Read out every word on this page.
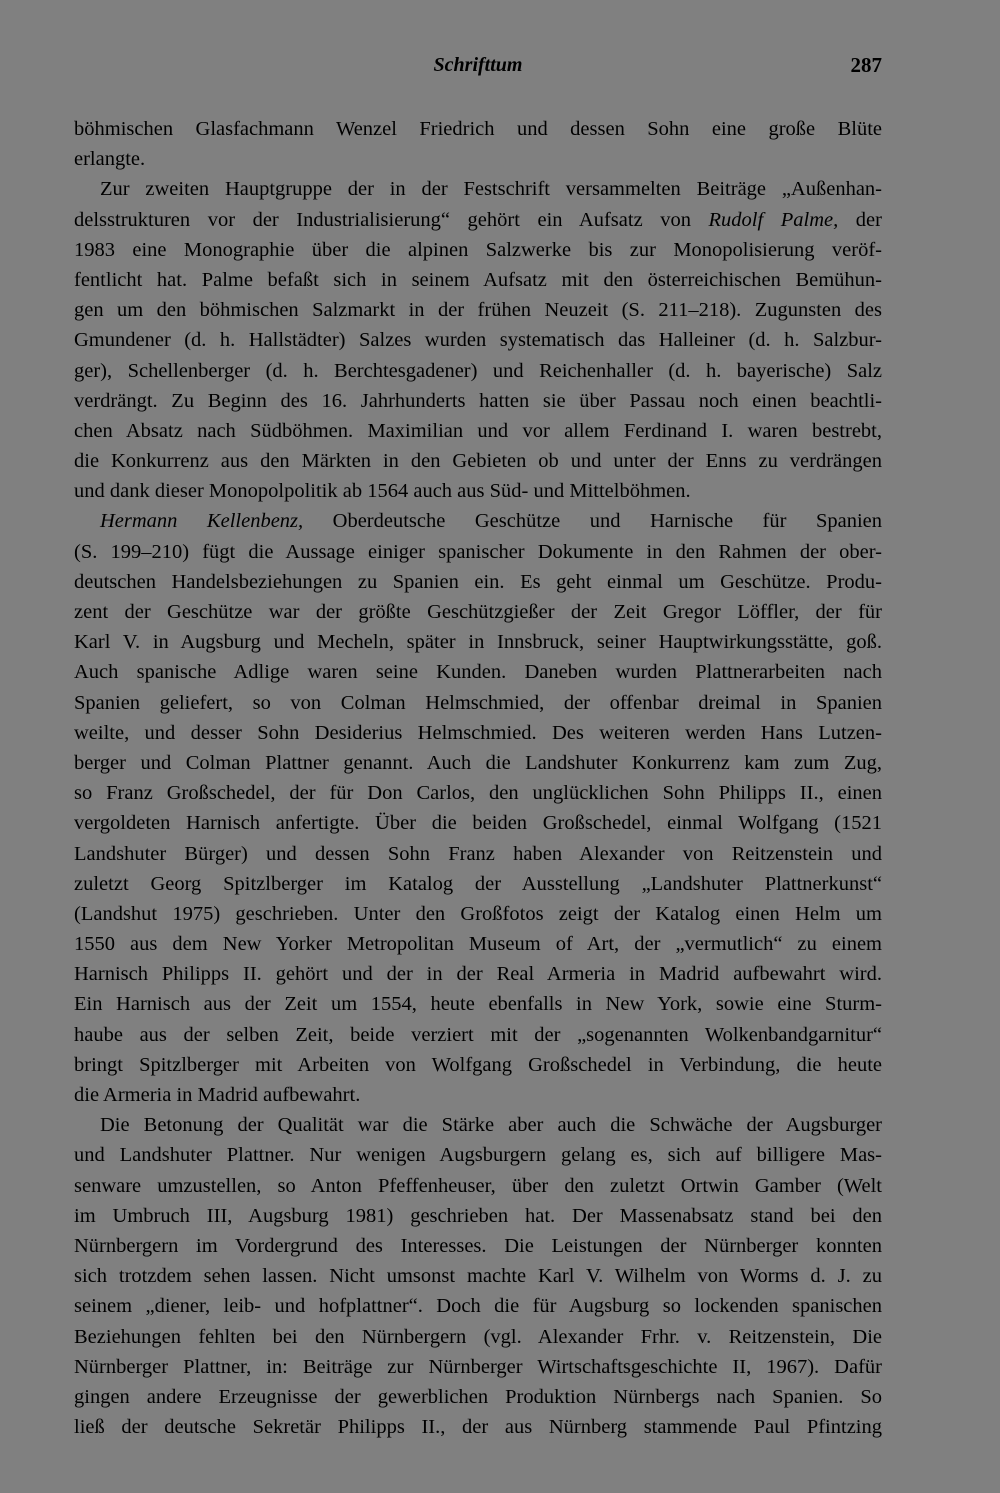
Schrifttum	287
böhmischen Glasfachmann Wenzel Friedrich und dessen Sohn eine große Blüte
erlangte.
Zur zweiten Hauptgruppe der in der Festschrift versammelten Beiträge „Außenhan-
delsstrukturen vor der Industrialisierung“ gehört ein Aufsatz von Rudolf Palme, der
1983 eine Monographie über die alpinen Salzwerke bis zur Monopolisierung veröf-
fentlicht hat. Palme befaßt sich in seinem Aufsatz mit den österreichischen Bemühun-
gen um den böhmischen Salzmarkt in der frühen Neuzeit (S. 211–218). Zugunsten des
Gmundener (d. h. Hallstädter) Salzes wurden systematisch das Halleiner (d. h. Salzbur-
ger), Schellenberger (d. h. Berchtesgadener) und Reichenhaller (d. h. bayerische) Salz
verdrängt. Zu Beginn des 16. Jahrhunderts hatten sie über Passau noch einen beachtli-
chen Absatz nach Südböhmen. Maximilian und vor allem Ferdinand I. waren bestrebt,
die Konkurrenz aus den Märkten in den Gebieten ob und unter der Enns zu verdrängen
und dank dieser Monopolpolitik ab 1564 auch aus Süd- und Mittelböhmen.
Hermann Kellenbenz, Oberdeutsche Geschütze und Harnische für Spanien
(S. 199–210) fügt die Aussage einiger spanischer Dokumente in den Rahmen der ober-
deutschen Handelsbeziehungen zu Spanien ein. Es geht einmal um Geschütze. Produ-
zent der Geschütze war der größte Geschützgießer der Zeit Gregor Löffler, der für
Karl V. in Augsburg und Mecheln, später in Innsbruck, seiner Hauptwirkungsstätte, goß.
Auch spanische Adlige waren seine Kunden. Daneben wurden Plattnerarbeiten nach
Spanien geliefert, so von Colman Helmschmied, der offenbar dreimal in Spanien
weilte, und desser Sohn Desiderius Helmschmied. Des weiteren werden Hans Lutzen-
berger und Colman Plattner genannt. Auch die Landshuter Konkurrenz kam zum Zug,
so Franz Großschedel, der für Don Carlos, den unglücklichen Sohn Philipps II., einen
vergoldeten Harnisch anfertigte. Über die beiden Großschedel, einmal Wolfgang (1521
Landshuter Bürger) und dessen Sohn Franz haben Alexander von Reitzenstein und
zuletzt Georg Spitzlberger im Katalog der Ausstellung „Landshuter Plattnerkunst“
(Landshut 1975) geschrieben. Unter den Großfotos zeigt der Katalog einen Helm um
1550 aus dem New Yorker Metropolitan Museum of Art, der „vermutlich“ zu einem
Harnisch Philipps II. gehört und der in der Real Armeria in Madrid aufbewahrt wird.
Ein Harnisch aus der Zeit um 1554, heute ebenfalls in New York, sowie eine Sturm-
haube aus der selben Zeit, beide verziert mit der „sogenannten Wolkenbandgarnitur“
bringt Spitzlberger mit Arbeiten von Wolfgang Großschedel in Verbindung, die heute
die Armeria in Madrid aufbewahrt.
Die Betonung der Qualität war die Stärke aber auch die Schwäche der Augsburger
und Landshuter Plattner. Nur wenigen Augsburgern gelang es, sich auf billigere Mas-
senware umzustellen, so Anton Pfeffenheuser, über den zuletzt Ortwin Gamber (Welt
im Umbruch III, Augsburg 1981) geschrieben hat. Der Massenabsatz stand bei den
Nürnbergern im Vordergrund des Interesses. Die Leistungen der Nürnberger konnten
sich trotzdem sehen lassen. Nicht umsonst machte Karl V. Wilhelm von Worms d. J. zu
seinem „diener, leib- und hofplattner“. Doch die für Augsburg so lockenden spanischen
Beziehungen fehlten bei den Nürnbergern (vgl. Alexander Frhr. v. Reitzenstein, Die
Nürnberger Plattner, in: Beiträge zur Nürnberger Wirtschaftsgeschichte II, 1967). Dafür
gingen andere Erzeugnisse der gewerblichen Produktion Nürnbergs nach Spanien. So
ließ der deutsche Sekretär Philipps II., der aus Nürnberg stammende Paul Pfintzing
